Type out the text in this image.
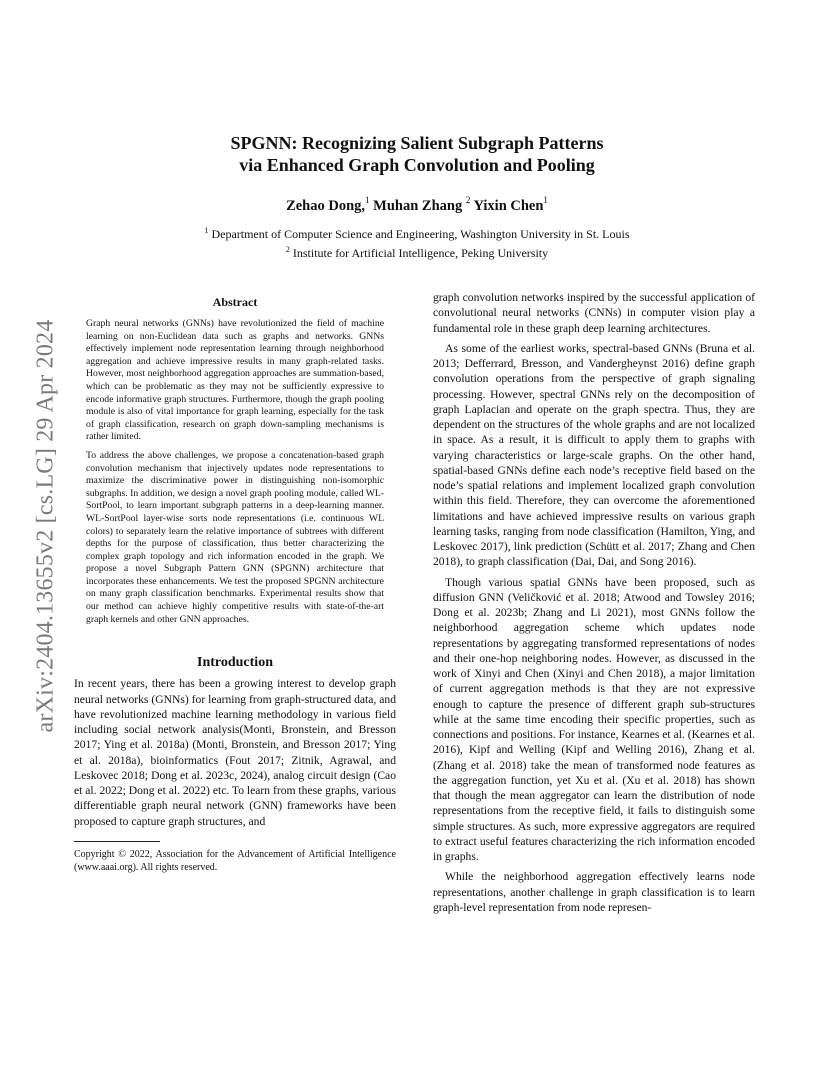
arXiv:2404.13655v2 [cs.LG] 29 Apr 2024
SPGNN: Recognizing Salient Subgraph Patterns
via Enhanced Graph Convolution and Pooling
Zehao Dong,$^1$ Muhan Zhang $^2$ Yixin Chen$^1$
$^1$ Department of Computer Science and Engineering, Washington University in St. Louis
$^2$ Institute for Artificial Intelligence, Peking University
Abstract

Graph neural networks (GNNs) have revolutionized the field of machine learning on non-Euclidean data such as graphs and networks. GNNs effectively implement node representation learning through neighborhood aggregation and achieve impressive results in many graph-related tasks. However, most neighborhood aggregation approaches are summation-based, which can be problematic as they may not be sufficiently expressive to encode informative graph structures. Furthermore, though the graph pooling module is also of vital importance for graph learning, especially for the task of graph classification, research on graph down-sampling mechanisms is rather limited.

To address the above challenges, we propose a concatenation-based graph convolution mechanism that injectively updates node representations to maximize the discriminative power in distinguishing non-isomorphic subgraphs. In addition, we design a novel graph pooling module, called WL-SortPool, to learn important subgraph patterns in a deep-learning manner. WL-SortPool layer-wise sorts node representations (i.e. continuous WL colors) to separately learn the relative importance of subtrees with different depths for the purpose of classification, thus better characterizing the complex graph topology and rich information encoded in the graph. We propose a novel Subgraph Pattern GNN (SPGNN) architecture that incorporates these enhancements. We test the proposed SPGNN architecture on many graph classification benchmarks. Experimental results show that our method can achieve highly competitive results with state-of-the-art graph kernels and other GNN approaches.

Introduction

In recent years, there has been a growing interest to develop graph neural networks (GNNs) for learning from graph-structured data, and have revolutionized machine learning methodology in various field including social network analysis(Monti, Bronstein, and Bresson 2017; Ying et al. 2018a) (Monti, Bronstein, and Bresson 2017; Ying et al. 2018a), bioinformatics (Fout 2017; Zitnik, Agrawal, and Leskovec 2018; Dong et al. 2023c, 2024), analog circuit design (Cao et al. 2022; Dong et al. 2022) etc. To learn from these graphs, various differentiable graph neural network (GNN) frameworks have been proposed to capture graph structures, and

Copyright © 2022, Association for the Advancement of Artificial Intelligence (www.aaai.org). All rights reserved.

graph convolution networks inspired by the successful application of convolutional neural networks (CNNs) in computer vision play a fundamental role in these graph deep learning architectures.

As some of the earliest works, spectral-based GNNs (Bruna et al. 2013; Defferrard, Bresson, and Vandergheynst 2016) define graph convolution operations from the perspective of graph signaling processing. However, spectral GNNs rely on the decomposition of graph Laplacian and operate on the graph spectra. Thus, they are dependent on the structures of the whole graphs and are not localized in space. As a result, it is difficult to apply them to graphs with varying characteristics or large-scale graphs. On the other hand, spatial-based GNNs define each node’s receptive field based on the node’s spatial relations and implement localized graph convolution within this field. Therefore, they can overcome the aforementioned limitations and have achieved impressive results on various graph learning tasks, ranging from node classification (Hamilton, Ying, and Leskovec 2017), link prediction (Schütt et al. 2017; Zhang and Chen 2018), to graph classification (Dai, Dai, and Song 2016).

Though various spatial GNNs have been proposed, such as diffusion GNN (Veličković et al. 2018; Atwood and Towsley 2016; Dong et al. 2023b; Zhang and Li 2021), most GNNs follow the neighborhood aggregation scheme which updates node representations by aggregating transformed representations of nodes and their one-hop neighboring nodes. However, as discussed in the work of Xinyi and Chen (Xinyi and Chen 2018), a major limitation of current aggregation methods is that they are not expressive enough to capture the presence of different graph sub-structures while at the same time encoding their specific properties, such as connections and positions. For instance, Kearnes et al. (Kearnes et al. 2016), Kipf and Welling (Kipf and Welling 2016), Zhang et al. (Zhang et al. 2018) take the mean of transformed node features as the aggregation function, yet Xu et al. (Xu et al. 2018) has shown that though the mean aggregator can learn the distribution of node representations from the receptive field, it fails to distinguish some simple structures. As such, more expressive aggregators are required to extract useful features characterizing the rich information encoded in graphs.

While the neighborhood aggregation effectively learns node representations, another challenge in graph classification is to learn graph-level representation from node represen-
